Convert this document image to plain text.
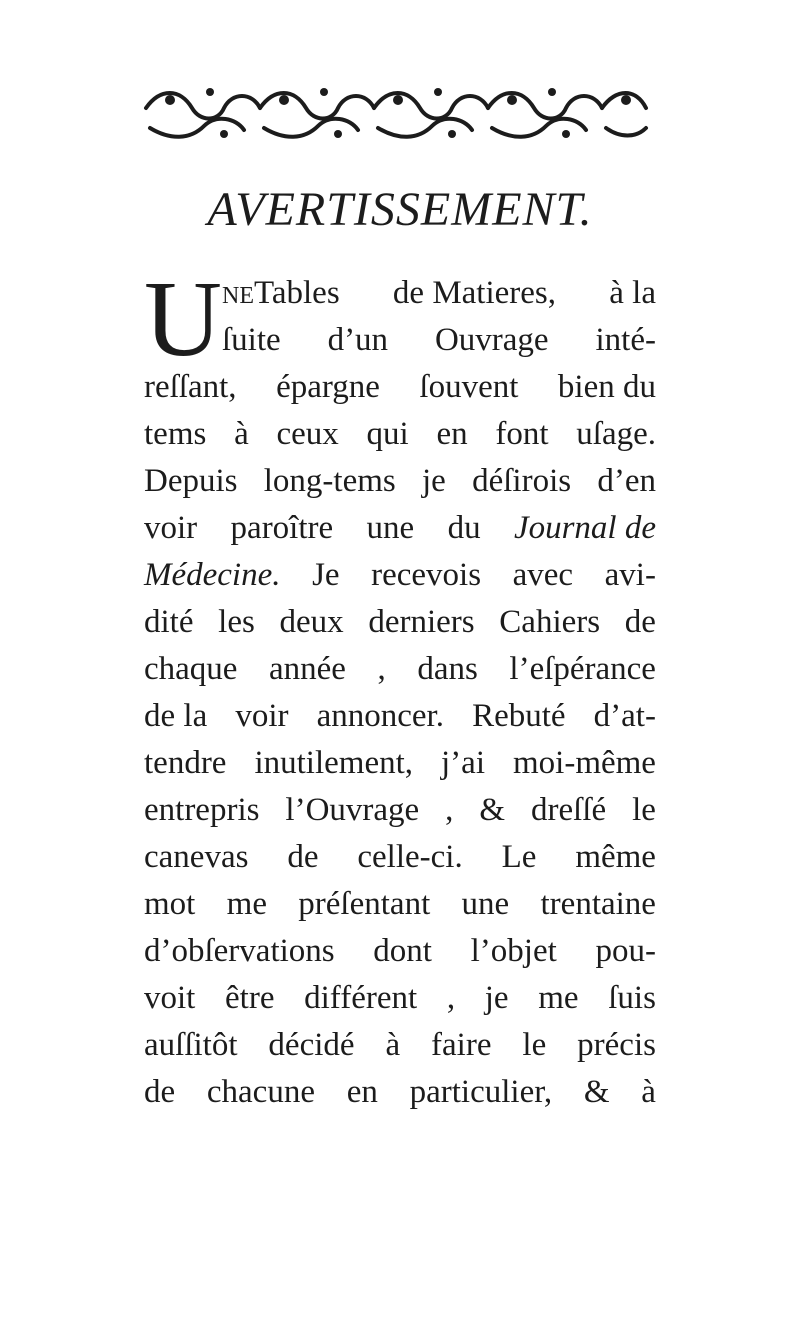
AVERTISSEMENT.
U NETables de Matieres, à la
ſuite d’un Ouvrage inté-
reſſant, épargne ſouvent bien du
tems à ceux qui en font uſage.
Depuis long-tems je déſirois d’en
voir paroître une du Journal de
Médecine. Je recevois avec avi-
dité les deux derniers Cahiers de
chaque année , dans l’eſpérance
de la voir annoncer. Rebuté d’at-
tendre inutilement, j’ai moi-même
entrepris l’Ouvrage , & dreſſé le
canevas de celle-ci. Le même
mot me préſentant une trentaine
d’obſervations dont l’objet pou-
voit être différent , je me ſuis
auſſitôt décidé à faire le précis
de chacune en particulier, & à
